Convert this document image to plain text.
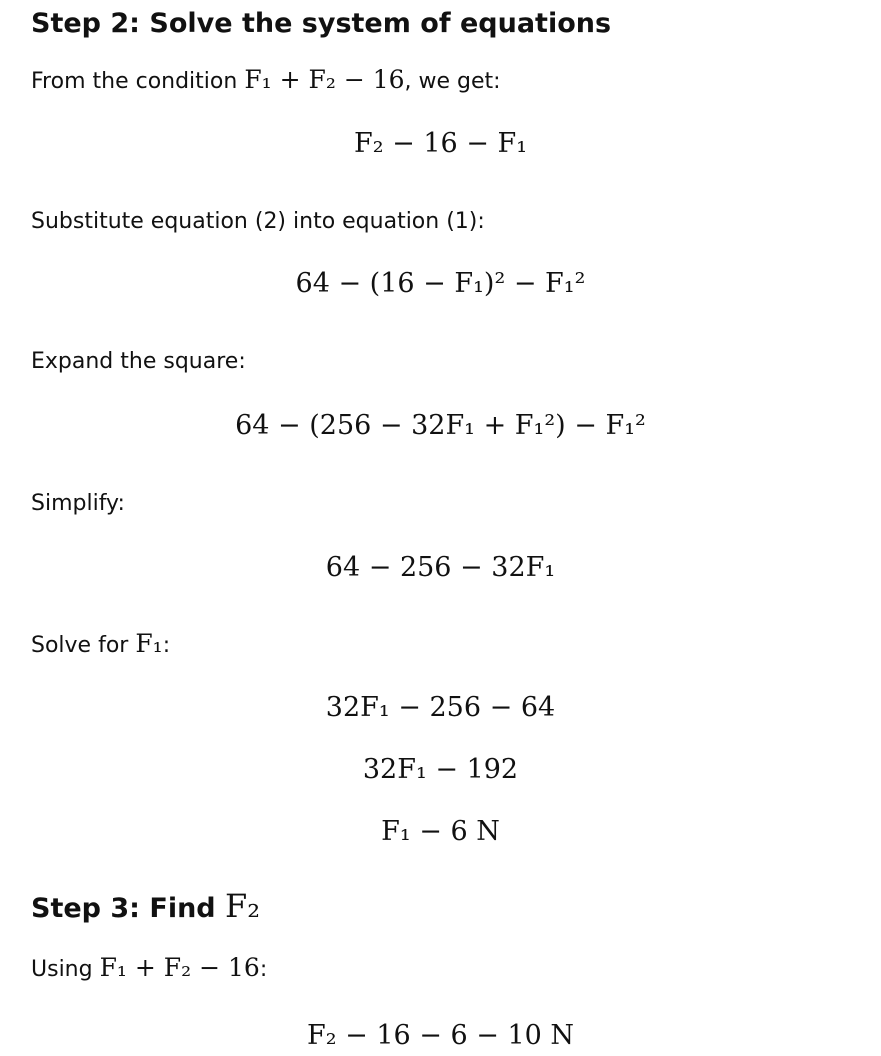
Step 2: Solve the system of equations

From the condition F₁ + F₂ − 16, we get:

F₂ − 16 − F₁

Substitute equation (2) into equation (1):

64 − (16 − F₁)² − F₁²

Expand the square:

64 − (256 − 32F₁ + F₁²) − F₁²

Simplify:

64 − 256 − 32F₁

Solve for F₁:

32F₁ − 256 − 64
32F₁ − 192
F₁ − 6 N
Step 3: Find F₂

Using F₁ + F₂ − 16:

F₂ − 16 − 6 − 10 N
